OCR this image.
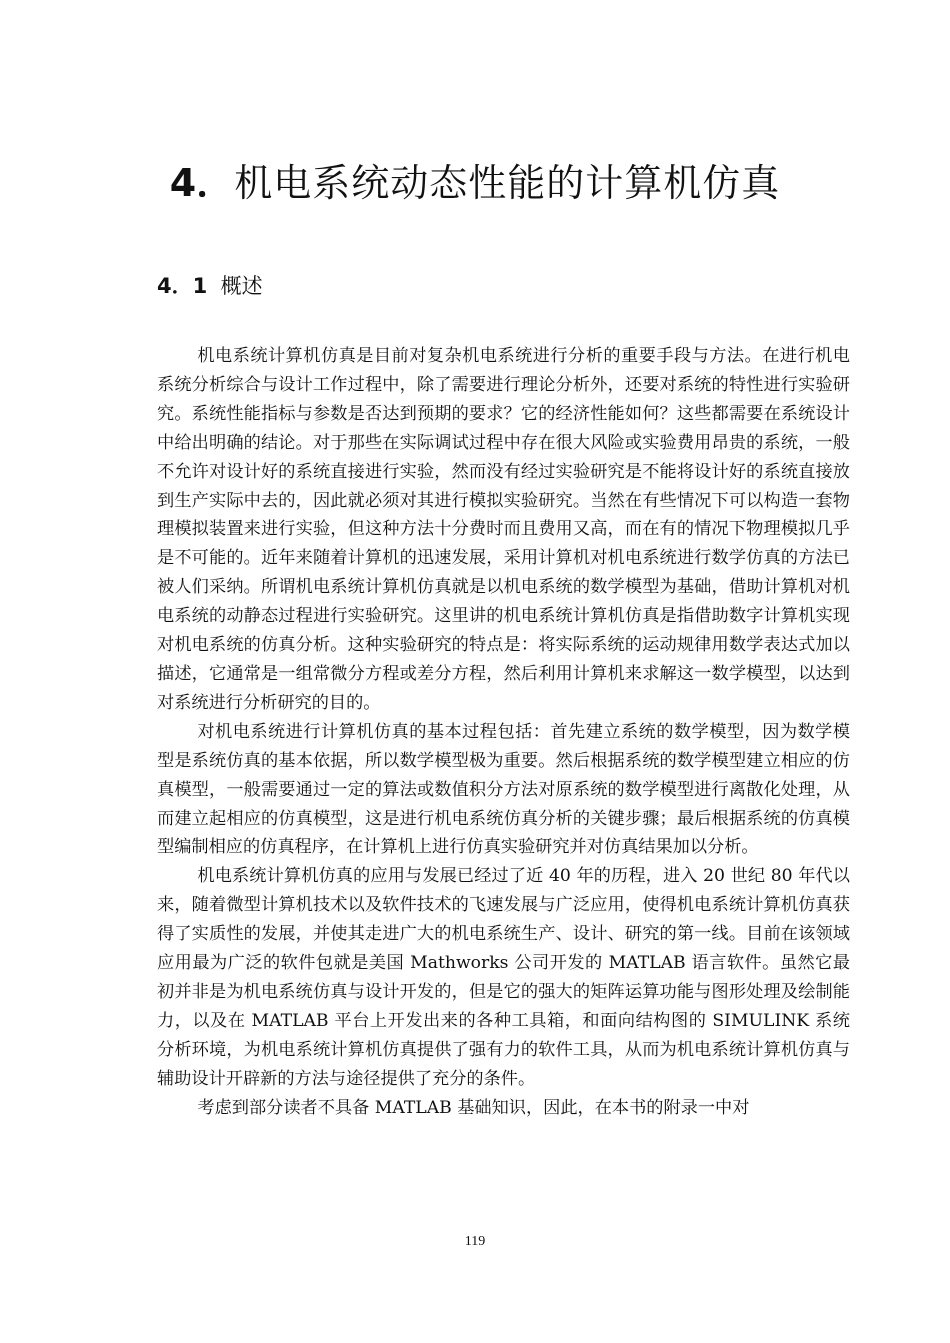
4．机电系统动态性能的计算机仿真
4．1 概述

机电系统计算机仿真是目前对复杂机电系统进行分析的重要手段与方法。在进行机电系统分析综合与设计工作过程中，除了需要进行理论分析外，还要对系统的特性进行实验研究。系统性能指标与参数是否达到预期的要求？它的经济性能如何？这些都需要在系统设计中给出明确的结论。对于那些在实际调试过程中存在很大风险或实验费用昂贵的系统，一般不允许对设计好的系统直接进行实验，然而没有经过实验研究是不能将设计好的系统直接放到生产实际中去的，因此就必须对其进行模拟实验研究。当然在有些情况下可以构造一套物理模拟装置来进行实验，但这种方法十分费时而且费用又高，而在有的情况下物理模拟几乎是不可能的。近年来随着计算机的迅速发展，采用计算机对机电系统进行数学仿真的方法已被人们采纳。所谓机电系统计算机仿真就是以机电系统的数学模型为基础，借助计算机对机电系统的动静态过程进行实验研究。这里讲的机电系统计算机仿真是指借助数字计算机实现对机电系统的仿真分析。这种实验研究的特点是：将实际系统的运动规律用数学表达式加以描述，它通常是一组常微分方程或差分方程，然后利用计算机来求解这一数学模型，以达到对系统进行分析研究的目的。

对机电系统进行计算机仿真的基本过程包括：首先建立系统的数学模型，因为数学模型是系统仿真的基本依据，所以数学模型极为重要。然后根据系统的数学模型建立相应的仿真模型，一般需要通过一定的算法或数值积分方法对原系统的数学模型进行离散化处理，从而建立起相应的仿真模型，这是进行机电系统仿真分析的关键步骤；最后根据系统的仿真模型编制相应的仿真程序，在计算机上进行仿真实验研究并对仿真结果加以分析。

机电系统计算机仿真的应用与发展已经过了近 40 年的历程，进入 20 世纪 80 年代以来，随着微型计算机技术以及软件技术的飞速发展与广泛应用，使得机电系统计算机仿真获得了实质性的发展，并使其走进广大的机电系统生产、设计、研究的第一线。目前在该领域应用最为广泛的软件包就是美国 Mathworks 公司开发的 MATLAB 语言软件。虽然它最初并非是为机电系统仿真与设计开发的，但是它的强大的矩阵运算功能与图形处理及绘制能力，以及在 MATLAB 平台上开发出来的各种工具箱，和面向结构图的 SIMULINK 系统分析环境，为机电系统计算机仿真提供了强有力的软件工具，从而为机电系统计算机仿真与辅助设计开辟新的方法与途径提供了充分的条件。

考虑到部分读者不具备 MATLAB 基础知识，因此，在本书的附录一中对

119
